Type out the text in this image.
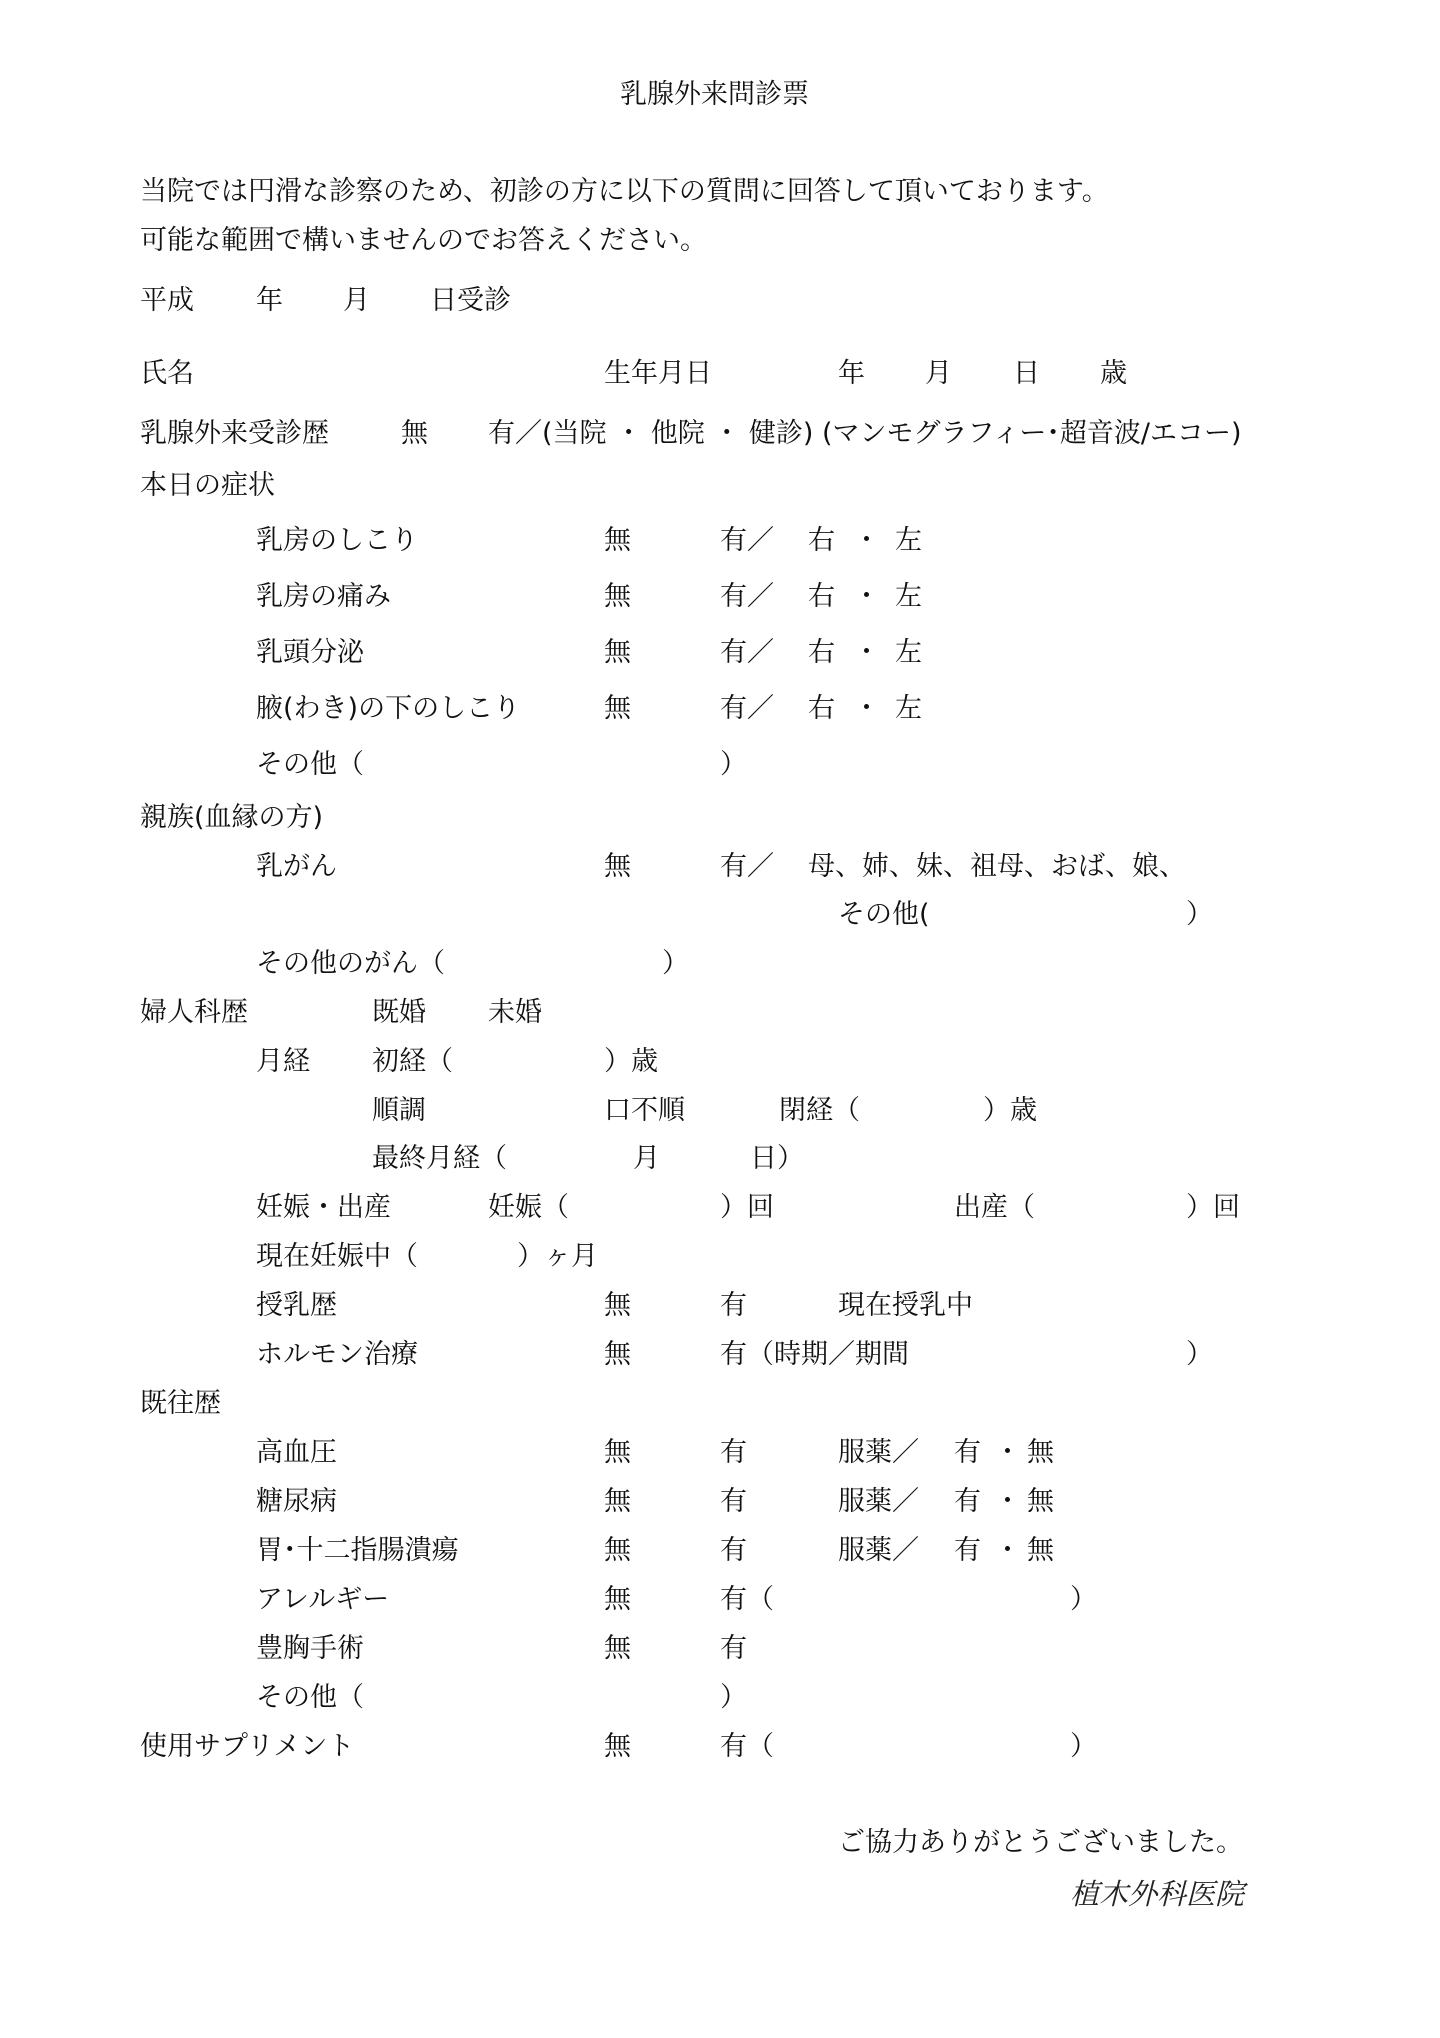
乳腺外来問診票
当院では円滑な診察のため、初診の方に以下の質問に回答して頂いております。
可能な範囲で構いませんのでお答えください。
平成 年 月 日受診
氏名	生年月日	年 月 日 歳
乳腺外来受診歴	無 有／(当院 ・ 他院 ・ 健診) (マンモグラフィー･超音波/エコー)
本日の症状
乳房のしこり	無	有／ 右 ・ 左
乳房の痛み	無	有／ 右 ・ 左
乳頭分泌	無	有／ 右 ・ 左
腋(わき)の下のしこり	無	有／ 右 ・ 左
その他（	）
親族(血縁の方)
乳がん	無	有／ 母、姉、妹、祖母、おば、娘、
その他(	）
その他のがん（	）
婦人科歴	既婚 未婚
月経 初経（	）歳
順調	口不順	閉経（	）歳
最終月経（	月	日）
妊娠・出産	妊娠（	）回	出産（	）回
現在妊娠中（	）ヶ月
授乳歴	無	有	現在授乳中
ホルモン治療	無	有（時期／期間	）
既往歴
高血圧	無	有	服薬／ 有 ・ 無
糖尿病	無	有	服薬／ 有 ・ 無
胃･十二指腸潰瘍	無	有	服薬／ 有 ・ 無
アレルギー	無	有（	）
豊胸手術	無	有
その他（	）
使用サプリメント	無	有（	）
ご協力ありがとうございました。
植木外科医院
